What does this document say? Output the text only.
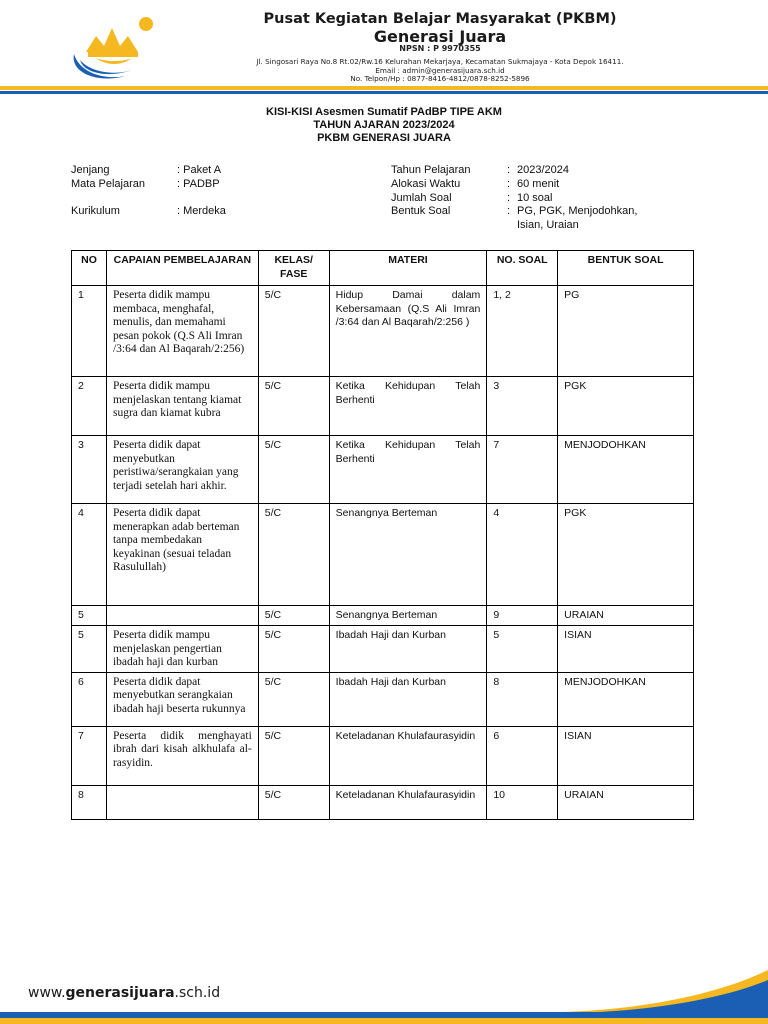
Pusat Kegiatan Belajar Masyarakat (PKBM)
Generasi Juara
NPSN : P 9970355
Jl. Singosari Raya No.8 Rt.02/Rw.16 Kelurahan Mekarjaya, Kecamatan Sukmajaya - Kota Depok 16411.
Email : admin@generasijuara.sch.id
No. Telpon/Hp : 0877-8416-4812/0878-8252-5896
KISI-KISI Asesmen Sumatif PAdBP TIPE AKM
TAHUN AJARAN 2023/2024
PKBM GENERASI JUARA
Jenjang	: Paket A
Mata Pelajaran	: PADBP
Kurikulum	: Merdeka
Tahun Pelajaran	: 2023/2024
Alokasi Waktu	: 60 menit
Jumlah Soal	: 10 soal
Bentuk Soal	: PG, PGK, Menjodohkan,
Isian, Uraian
NO	CAPAIAN PEMBELAJARAN	KELAS/ FASE	MATERI	NO. SOAL	BENTUK SOAL
1	Peserta didik mampu membaca, menghafal, menulis, dan memahami pesan pokok (Q.S Ali Imran /3:64 dan Al Baqarah/2:256)	5/C	Hidup Damai dalam Kebersamaan (Q.S Ali Imran /3:64 dan Al Baqarah/2:256 )	1, 2	PG
2	Peserta didik mampu menjelaskan tentang kiamat sugra dan kiamat kubra	5/C	Ketika Kehidupan Telah Berhenti	3	PGK
3	Peserta didik dapat menyebutkan peristiwa/serangkaian yang terjadi setelah hari akhir.	5/C	Ketika Kehidupan Telah Berhenti	7	MENJODOHKAN
4	Peserta didik dapat menerapkan adab berteman tanpa membedakan keyakinan (sesuai teladan Rasulullah)	5/C	Senangnya Berteman	4	PGK
5		5/C	Senangnya Berteman	9	URAIAN
5	Peserta didik mampu menjelaskan pengertian ibadah haji dan kurban	5/C	Ibadah Haji dan Kurban	5	ISIAN
6	Peserta didik dapat menyebutkan serangkaian ibadah haji beserta rukunnya	5/C	Ibadah Haji dan Kurban	8	MENJODOHKAN
7	Peserta didik menghayati ibrah dari kisah alkhulafa al-rasyidin.	5/C	Keteladanan Khulafaurasyidin	6	ISIAN
8		5/C	Keteladanan Khulafaurasyidin	10	URAIAN
www.generasijuara.sch.id
